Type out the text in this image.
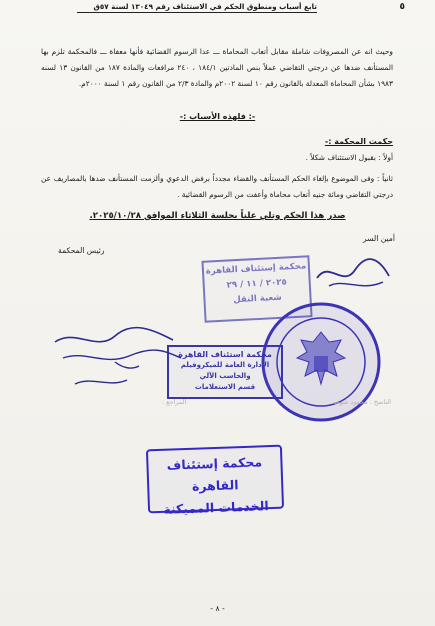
٥
تابع أسباب ومنطوق الحكم في الاستئناف رقم ١٣٠٤٩ لسنة ٥٧ق
وحيث انه عن المصروفات شاملة مقابل أتعاب المحاماة ـــ عدا الرسوم القضائية فأنها معفاة ـــ فالمحكمة تلزم بها المستأنف ضدها عن درجتي التقاضي عملاً بنص المادتين ١٨٤/١ ، ٢٤٠ مرافعات والمادة ١٨٧ من القانون ١٣ لسنه ١٩٨٣ بشأن المحاماة المعدلة بالقانون رقم ١٠ لسنة ٢٠٠٢م والمادة ٢/٣ من القانون رقم ١ لسنة ٢٠٠٠م.
-: فلهذه الأسباب :-
حكمت المحكمة :-
أولاً : بقبول الاستئناف شكلاً .
ثانياً : وفى الموضوع بإلغاء الحكم المستأنف والقضاء مجدداً برفض الدعوي وألزمت المستأنف ضدها بالمصاريف عن درجتي التقاضي ومائة جنيه أتعاب محاماة وأعفت من الرسوم القضائية .
صدر هذا الحكم وتلي علناً بجلسة الثلاثاء الموافق ٢٠٢٥/١٠/٢٨.
أمين السر
رئيس المحكمة
محكمة إستئناف القاهرة
٢٠٢٥ / ١١ / ٢٩
شعبة النقل
محكمة استئناف القاهرة
الإدارة العامة للميكروفيلم والحاسب الآلي
قسم الاستعلامات

الناسخ : محمود شومه
المراجع :
محكمة إستئناف القاهرة
الخدمات المميكنة
- ٨ -
